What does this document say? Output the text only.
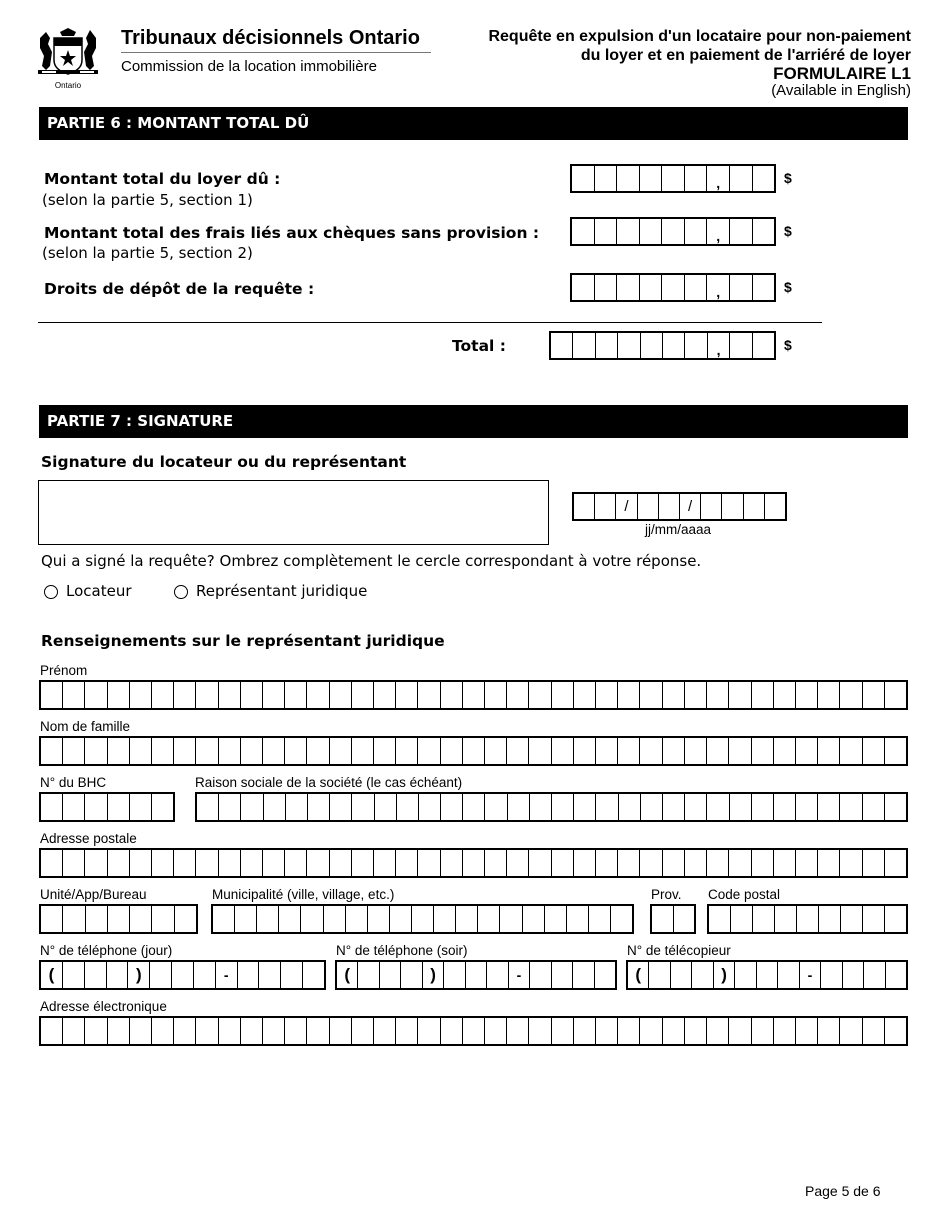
Ontario
Tribunaux décisionnels Ontario
Commission de la location immobilière
Requête en expulsion d'un locataire pour non-paiement
du loyer et en paiement de l'arriéré de loyer
FORMULAIRE L1
(Available in English)
PARTIE 6 : MONTANT TOTAL DÛ
Montant total du loyer dû :
(selon la partie 5, section 1)
,	$
Montant total des frais liés aux chèques sans provision :
(selon la partie 5, section 2)
,	$
Droits de dépôt de la requête :	,	$
Total :	,	$
PARTIE 7 : SIGNATURE
Signature du locateur ou du représentant
/	/
jj/mm/aaaa
Qui a signé la requête? Ombrez complètement le cercle correspondant à votre réponse.
Locateur	Représentant juridique
Renseignements sur le représentant juridique
Prénom
Nom de famille
N° du BHC	Raison sociale de la société (le cas échéant)
Adresse postale
Unité/App/Bureau	Municipalité (ville, village, etc.)	Prov. Code postal
N° de téléphone (jour)
(	)	-
N° de téléphone (soir)
(	)	-
N° de télécopieur
(	)	-
Adresse électronique
Page 5 de 6
